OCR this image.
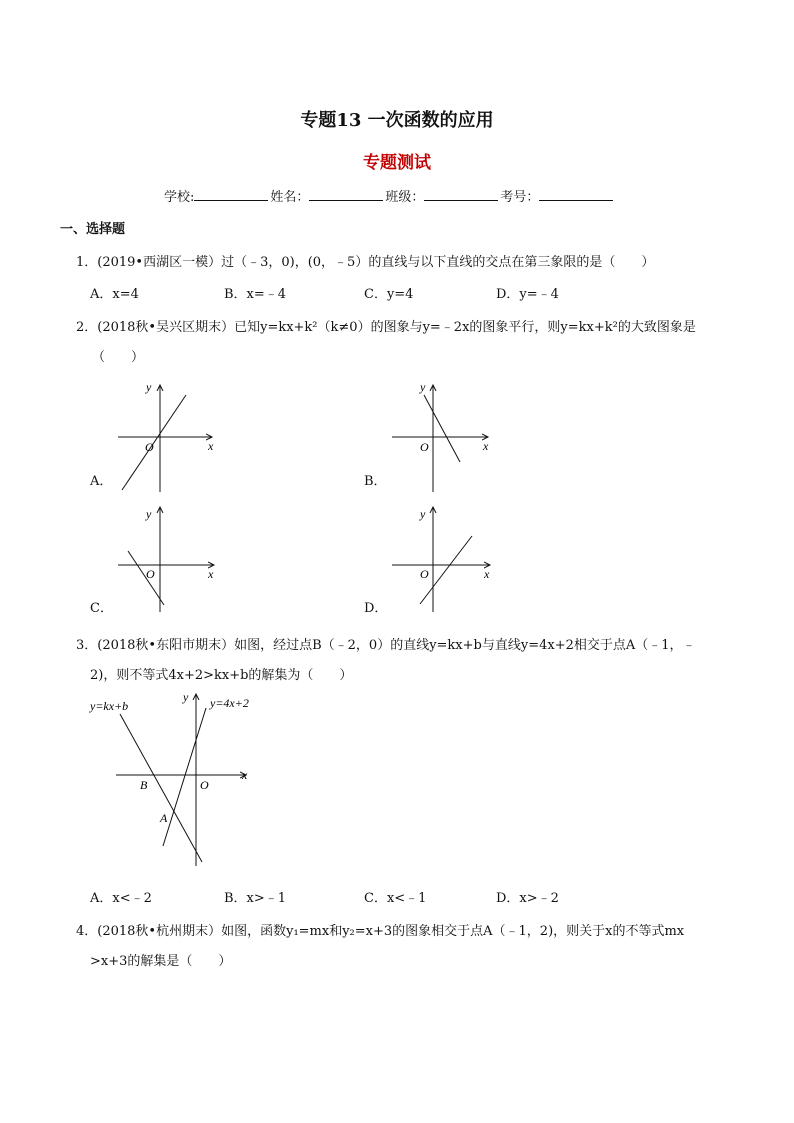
专题13 一次函数的应用
专题测试
学校:	姓名：	班级：	考号：
一、选择题
1．(2019•西湖区一模）过（﹣3，0)，(0，﹣5）的直线与以下直线的交点在第三象限的是（　　）
A．x=4	B．x=﹣4	C．y=4	D．y=﹣4
2．(2018秋•吴兴区期末）已知y=kx+k²（k≠0）的图象与y=﹣2x的图象平行，则y=kx+k²的大致图象是
（　　）
y
x
O
y
x
O
y
x
O
y
x
O
y=kx+b	y=4x+2
y
x
O
B
A
A．	B．
C．	D．
3．(2018秋•东阳市期末）如图，经过点B（﹣2，0）的直线y=kx+b与直线y=4x+2相交于点A（﹣1，﹣
2)，则不等式4x+2>kx+b的解集为（　　）
A．x<﹣2	B．x>﹣1	C．x<﹣1	D．x>﹣2
4．(2018秋•杭州期末）如图，函数y₁=mx和y₂=x+3的图象相交于点A（﹣1，2)，则关于x的不等式mx
>x+3的解集是（　　）
